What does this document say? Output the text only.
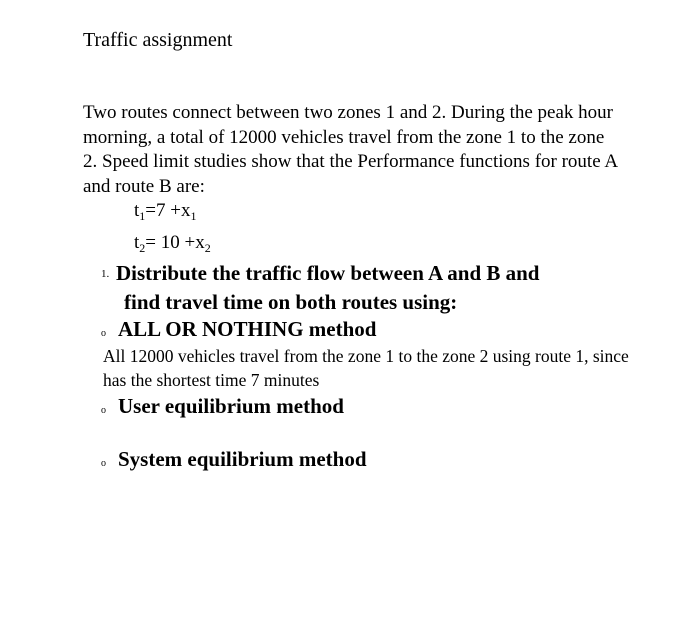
Traffic assignment
Two routes connect between two zones 1 and 2. During the peak hour morning, a total of 12000 vehicles travel from the zone 1 to the zone 2. Speed limit studies show that the Performance functions for route A and route B are:
$t_1=7 +x_1$
$t_2= 10 +x_2$
1. Distribute the traffic flow between A and B and
find travel time on both routes using:
o ALL OR NOTHING method
All 12000 vehicles travel from the zone 1 to the zone 2 using route 1, since has the shortest time 7 minutes
o User equilibrium method
o System equilibrium method
